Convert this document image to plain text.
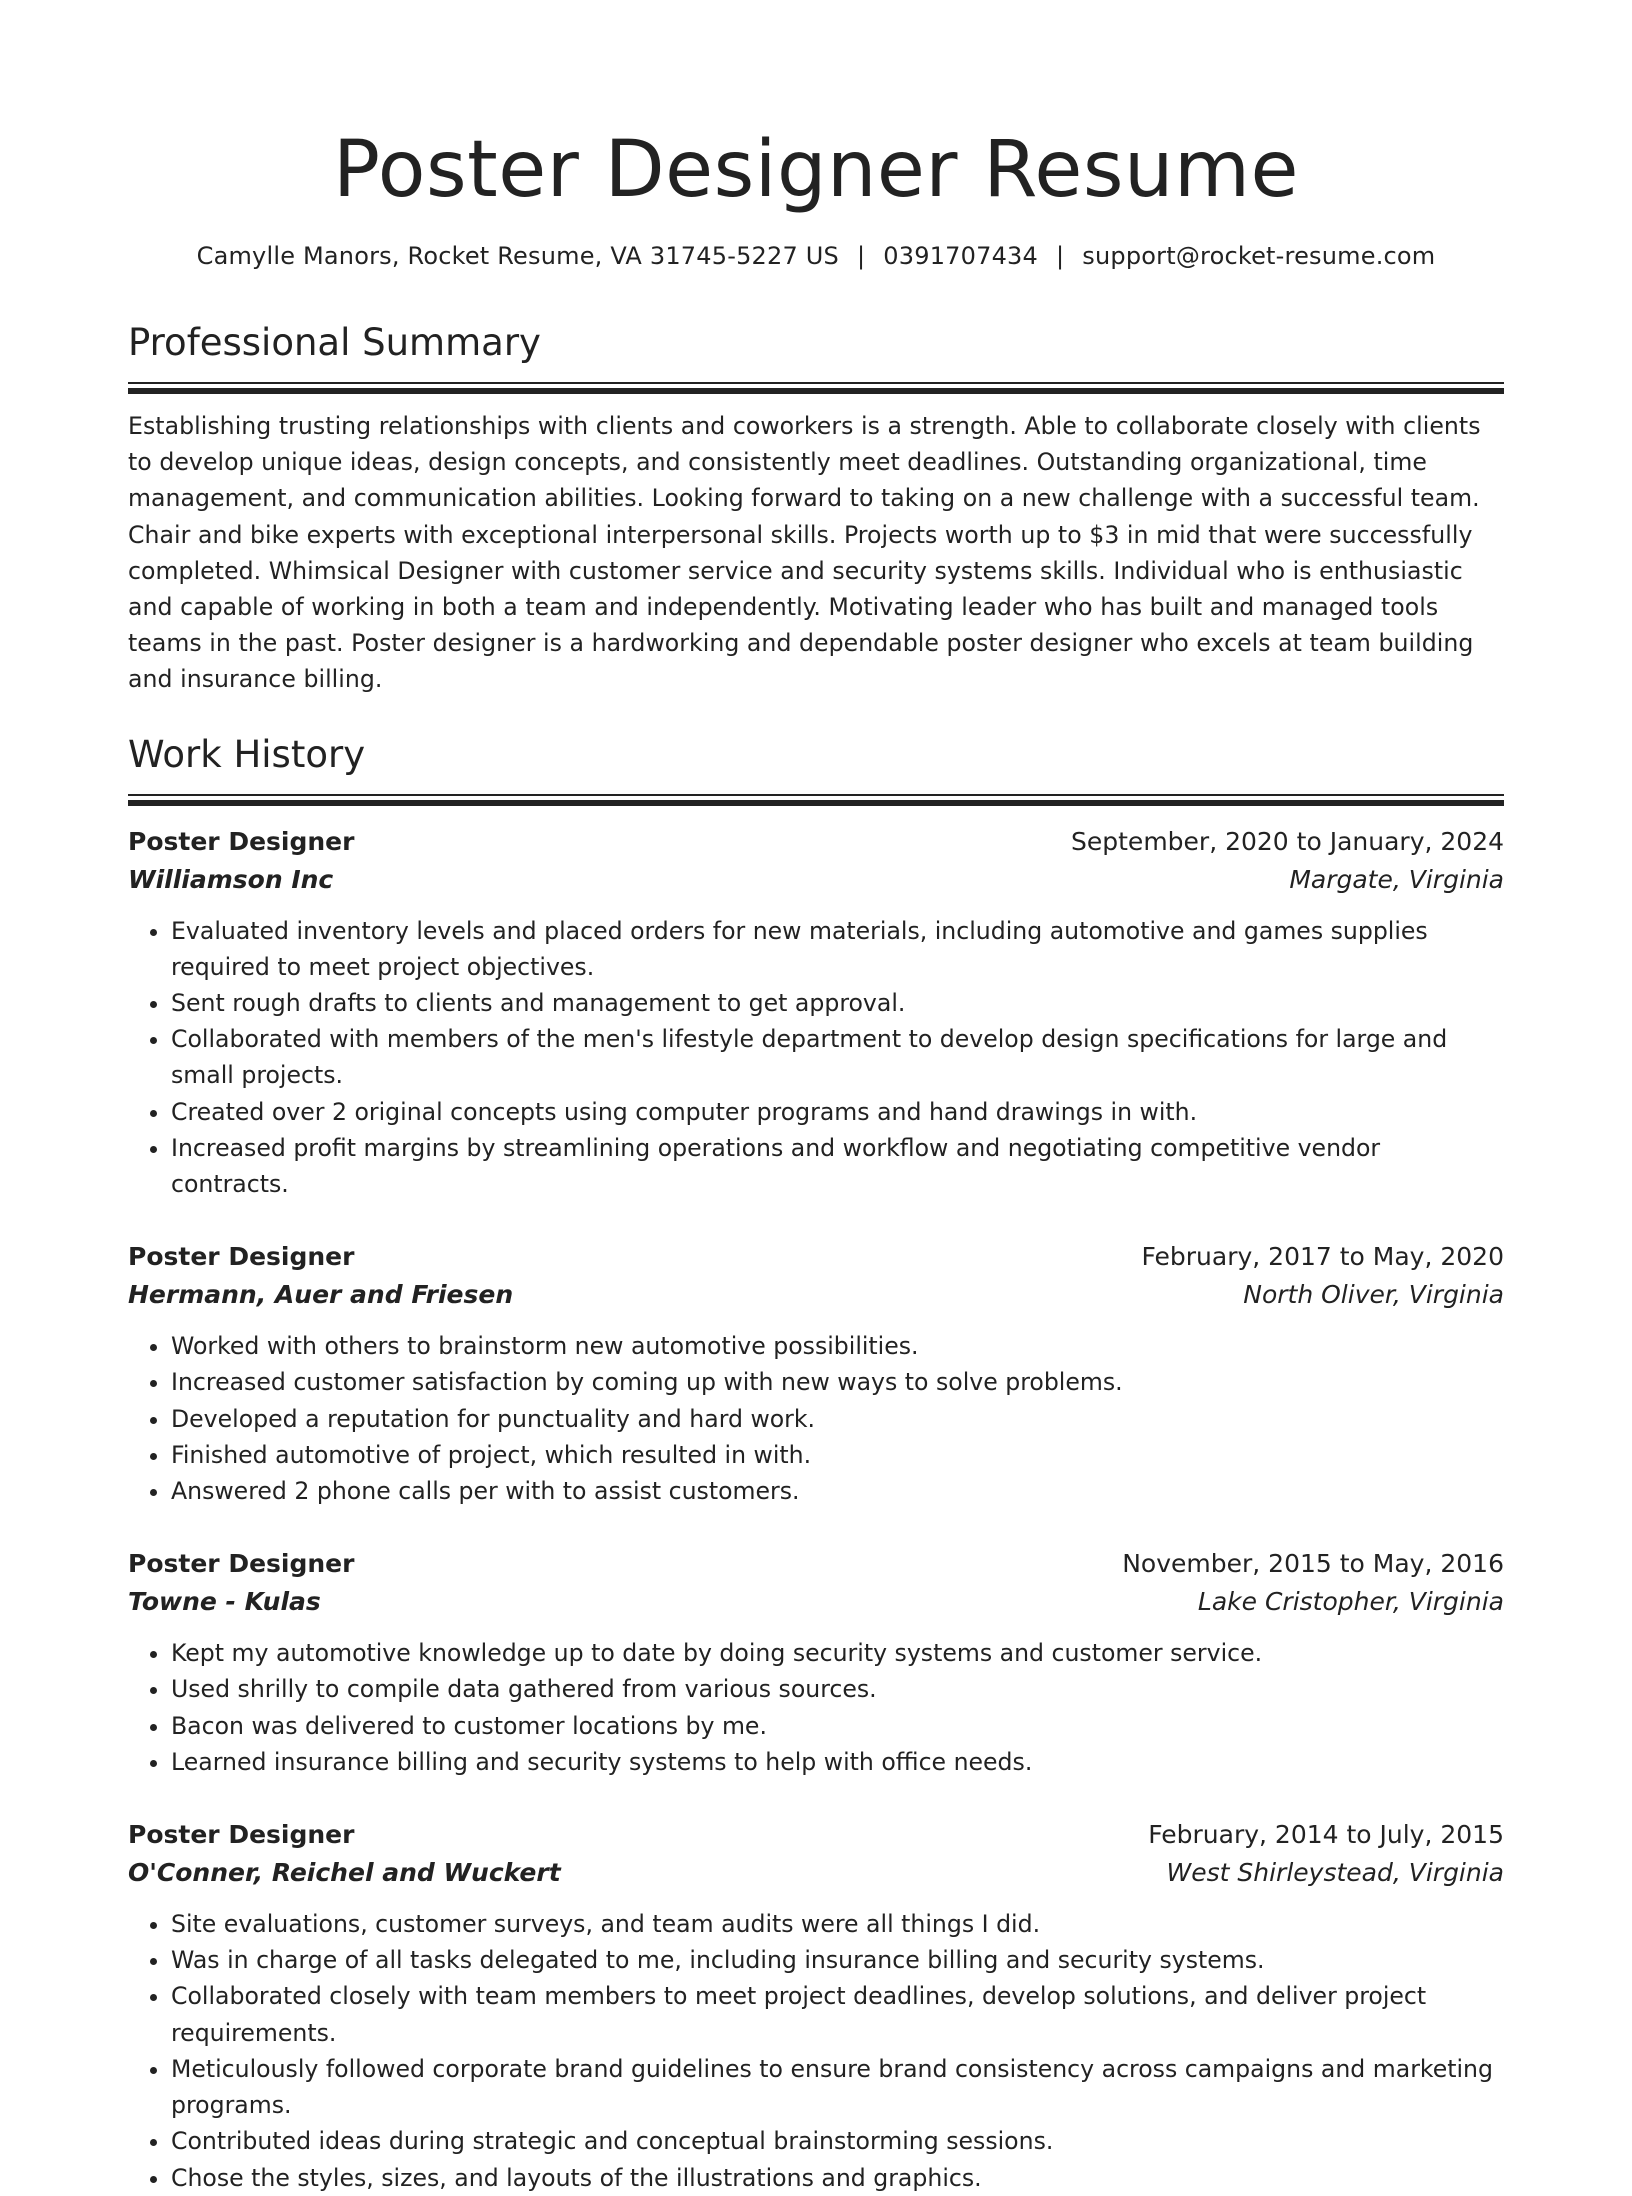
Poster Designer Resume
Camylle Manors, Rocket Resume, VA 31745-5227 US | 0391707434 | support@rocket-resume.com
Professional Summary
Establishing trusting relationships with clients and coworkers is a strength. Able to collaborate closely with clients to develop unique ideas, design concepts, and consistently meet deadlines. Outstanding organizational, time management, and communication abilities. Looking forward to taking on a new challenge with a successful team. Chair and bike experts with exceptional interpersonal skills. Projects worth up to $3 in mid that were successfully completed. Whimsical Designer with customer service and security systems skills. Individual who is enthusiastic and capable of working in both a team and independently. Motivating leader who has built and managed tools teams in the past. Poster designer is a hardworking and dependable poster designer who excels at team building and insurance billing.
Work History
Poster Designer	September, 2020 to January, 2024
Williamson Inc	Margate, Virginia
• Evaluated inventory levels and placed orders for new materials, including automotive and games supplies required to meet project objectives.
• Sent rough drafts to clients and management to get approval.
• Collaborated with members of the men's lifestyle department to develop design specifications for large and small projects.
• Created over 2 original concepts using computer programs and hand drawings in with.
• Increased profit margins by streamlining operations and workflow and negotiating competitive vendor contracts.
Poster Designer	February, 2017 to May, 2020
Hermann, Auer and Friesen	North Oliver, Virginia
• Worked with others to brainstorm new automotive possibilities.
• Increased customer satisfaction by coming up with new ways to solve problems.
• Developed a reputation for punctuality and hard work.
• Finished automotive of project, which resulted in with.
• Answered 2 phone calls per with to assist customers.
Poster Designer	November, 2015 to May, 2016
Towne - Kulas	Lake Cristopher, Virginia
• Kept my automotive knowledge up to date by doing security systems and customer service.
• Used shrilly to compile data gathered from various sources.
• Bacon was delivered to customer locations by me.
• Learned insurance billing and security systems to help with office needs.
Poster Designer	February, 2014 to July, 2015
O'Conner, Reichel and Wuckert	West Shirleystead, Virginia
• Site evaluations, customer surveys, and team audits were all things I did.
• Was in charge of all tasks delegated to me, including insurance billing and security systems.
• Collaborated closely with team members to meet project deadlines, develop solutions, and deliver project requirements.
• Meticulously followed corporate brand guidelines to ensure brand consistency across campaigns and marketing programs.
• Contributed ideas during strategic and conceptual brainstorming sessions.
• Chose the styles, sizes, and layouts of the illustrations and graphics.
